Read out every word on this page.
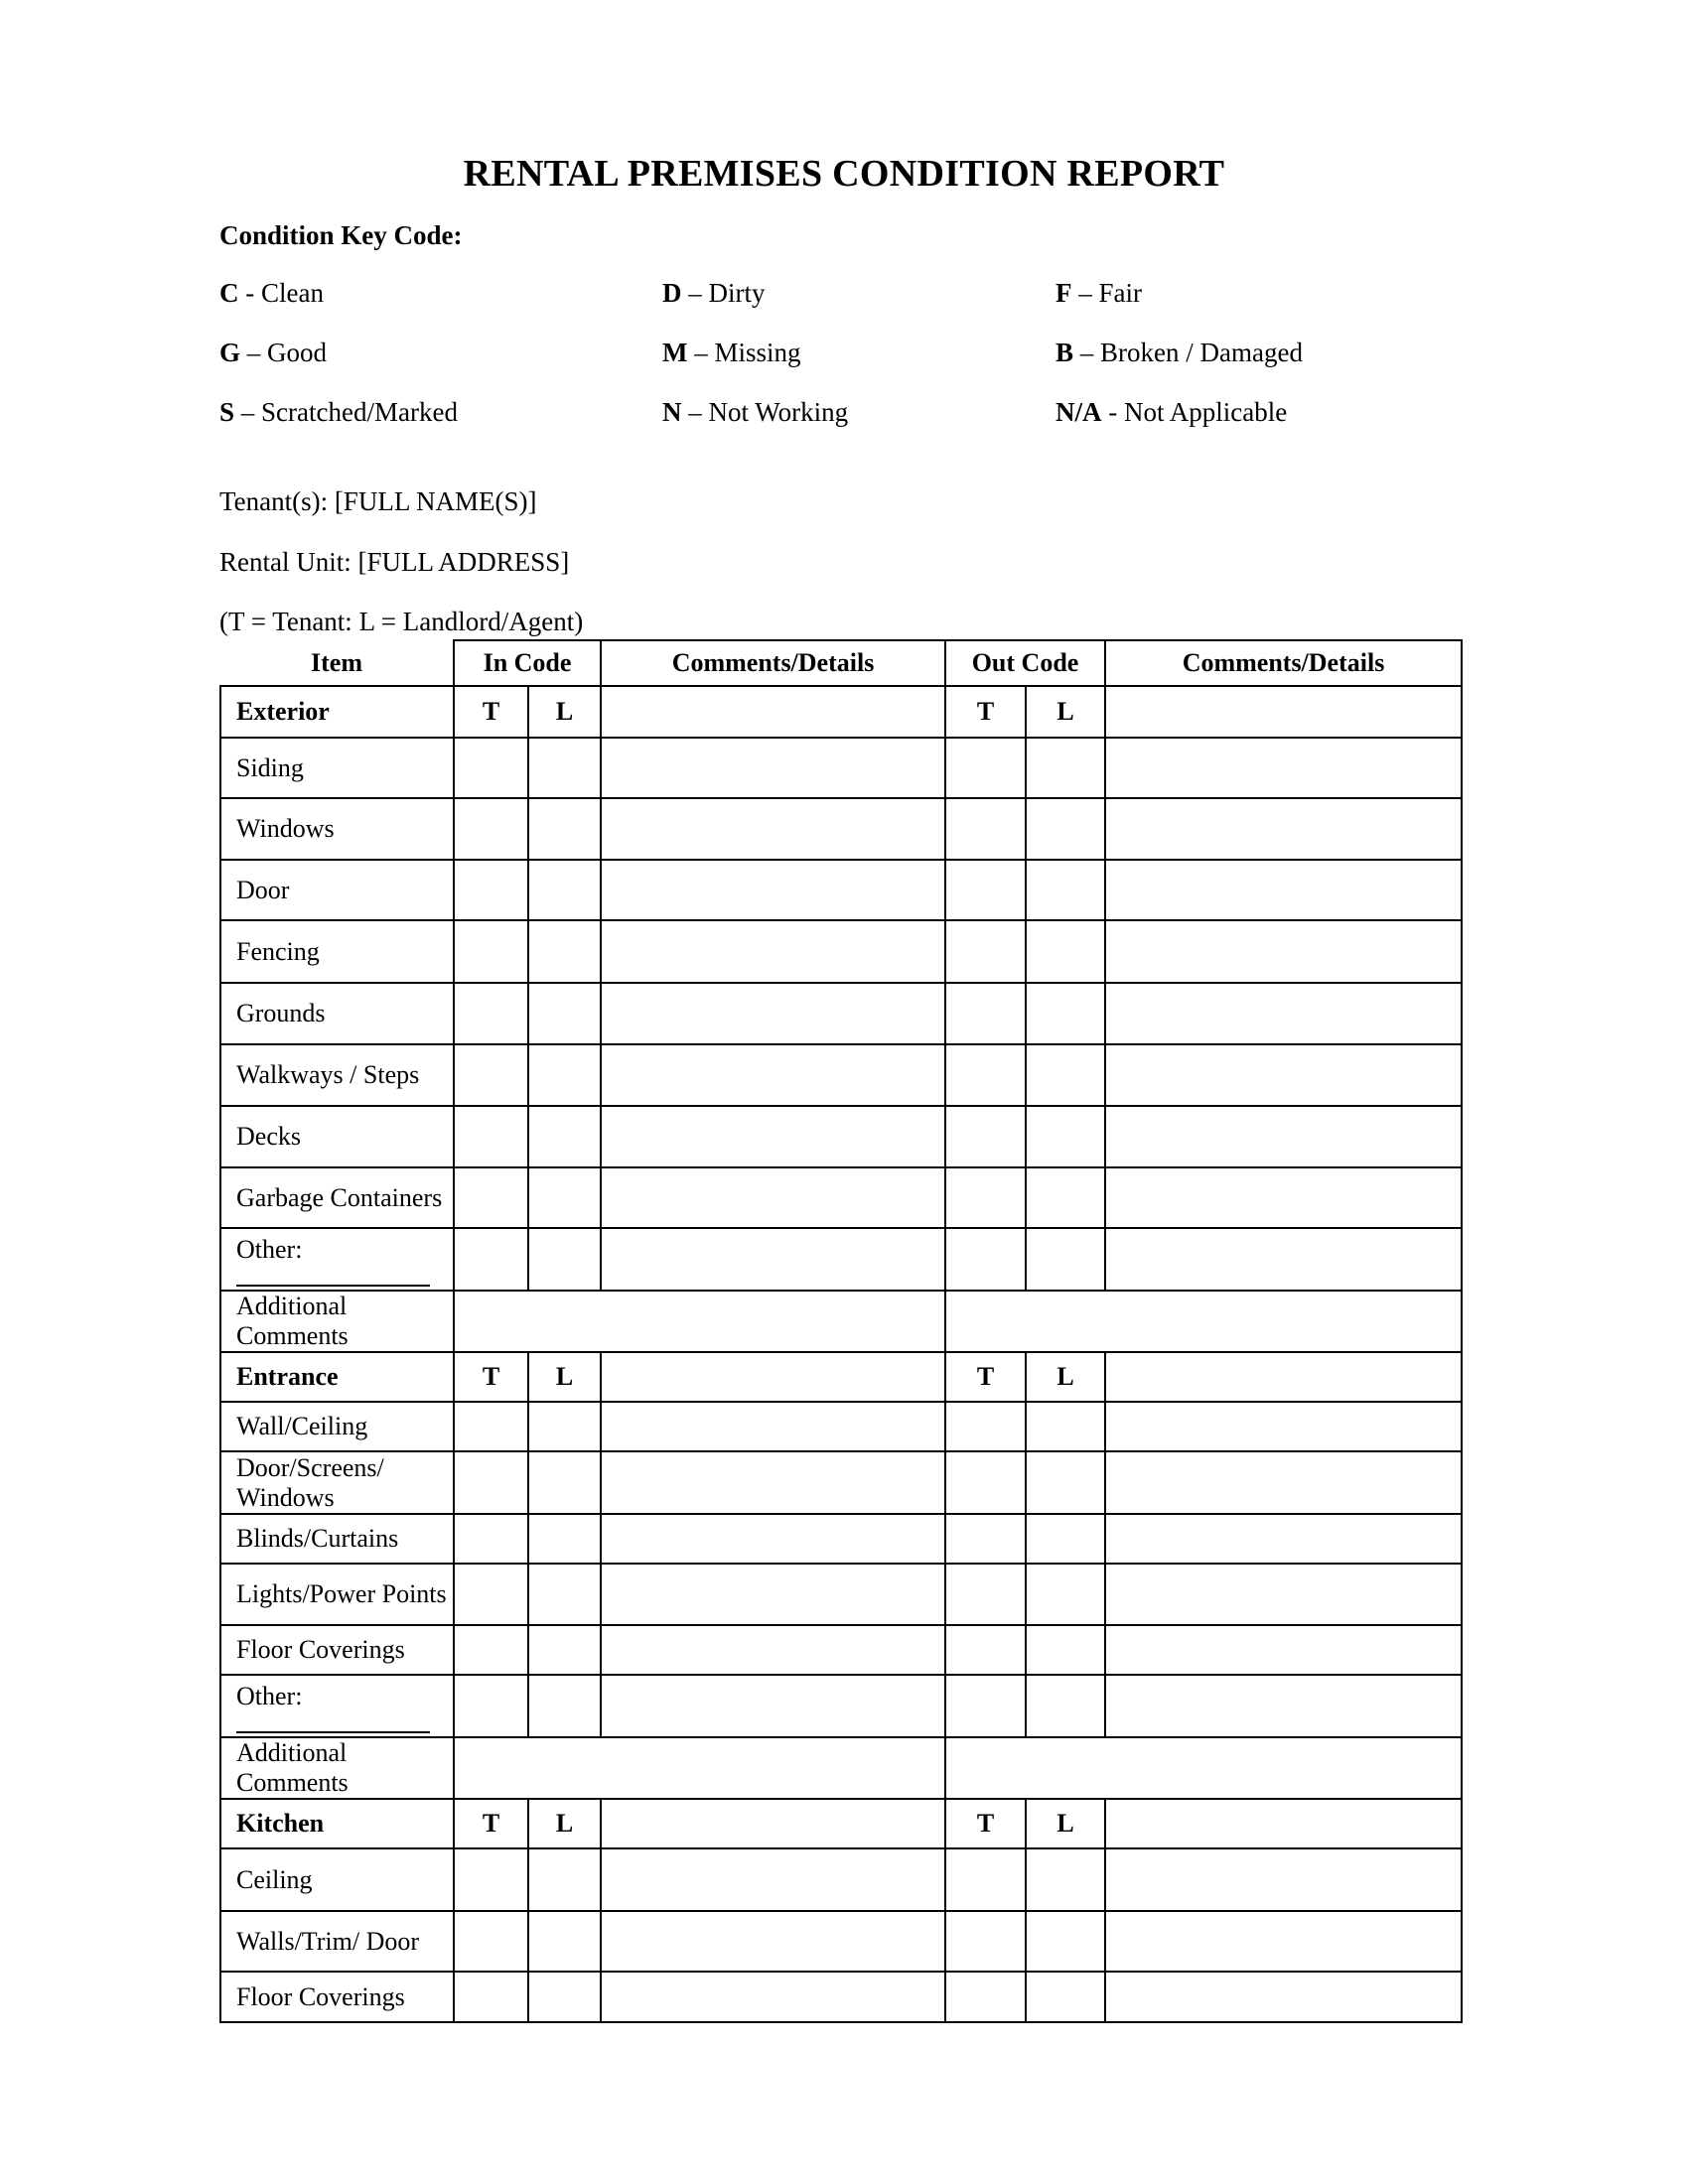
RENTAL PREMISES CONDITION REPORT
Condition Key Code:
C - Clean	D – Dirty	F – Fair
G – Good	M – Missing	B – Broken / Damaged
S – Scratched/Marked	N – Not Working	N/A - Not Applicable
Tenant(s): [FULL NAME(S)]
Rental Unit: [FULL ADDRESS]
(T = Tenant: L = Landlord/Agent)
Item	In Code		Comments/Details	Out Code		Comments/Details
Exterior	T	L		T	L	
Siding						
Windows						
Door						
Fencing						
Grounds						
Walkways / Steps						
Decks						
Garbage Containers						
Other:

Additional Comments						
Entrance	T	L		T	L	
Wall/Ceiling						
Door/Screens/ Windows						
Blinds/Curtains						
Lights/Power Points						
Floor Coverings						
Other:

Additional Comments						
Kitchen	T	L		T	L	
Ceiling						
Walls/Trim/ Door						
Floor Coverings						
